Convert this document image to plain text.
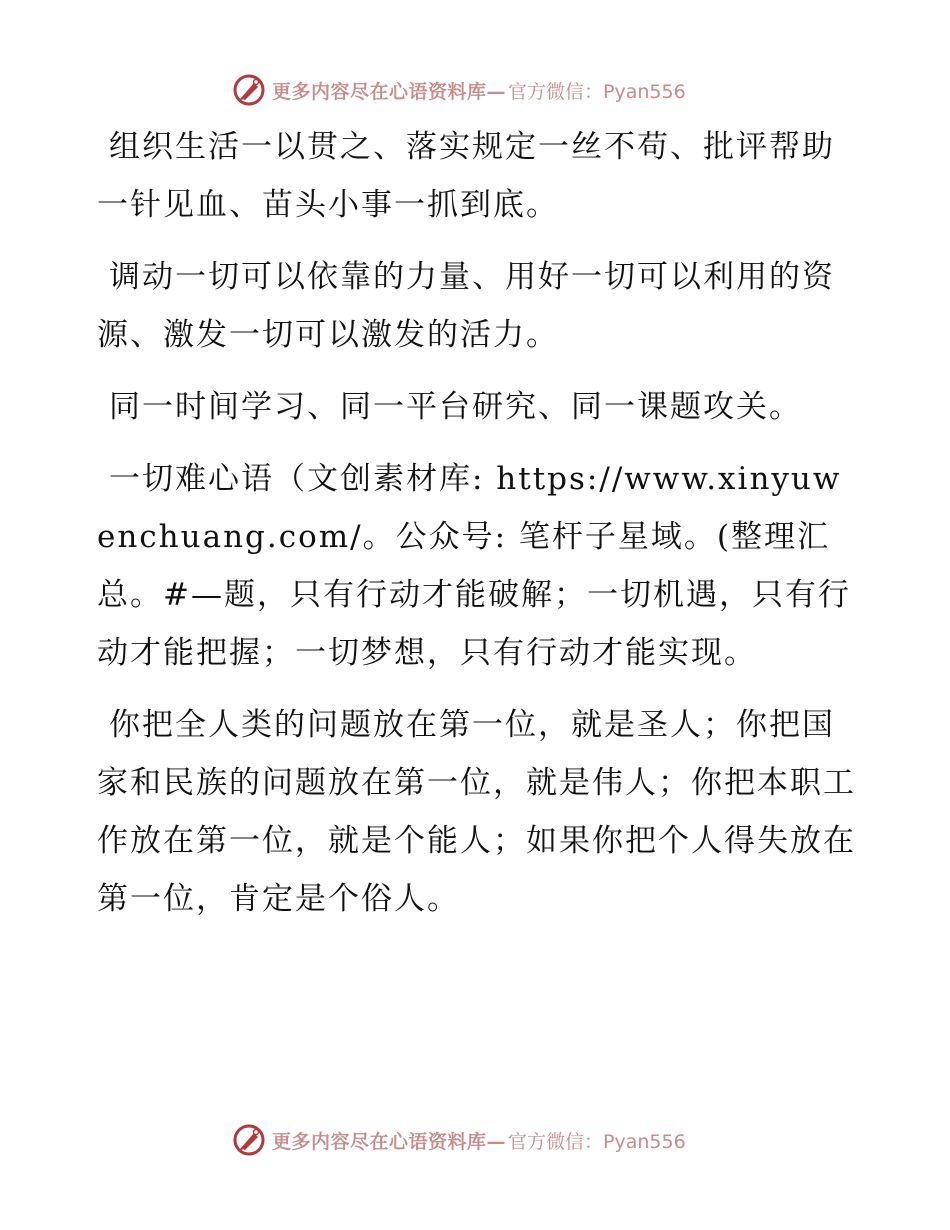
更多内容尽在心语资料库— 官方微信：Pyan556

组织生活一以贯之、落实规定一丝不苟、批评帮助一针见血、苗头小事一抓到底。

调动一切可以依靠的力量、用好一切可以利用的资源、激发一切可以激发的活力。

同一时间学习、同一平台研究、同一课题攻关。

一切难心语（文创素材库: https://www.xinyuwenchuang.com/。公众号: 笔杆子星域。(整理汇总。#—题，只有行动才能破解；一切机遇，只有行动才能把握；一切梦想，只有行动才能实现。

你把全人类的问题放在第一位，就是圣人；你把国家和民族的问题放在第一位，就是伟人；你把本职工作放在第一位，就是个能人；如果你把个人得失放在第一位，肯定是个俗人。

更多内容尽在心语资料库— 官方微信：Pyan556
